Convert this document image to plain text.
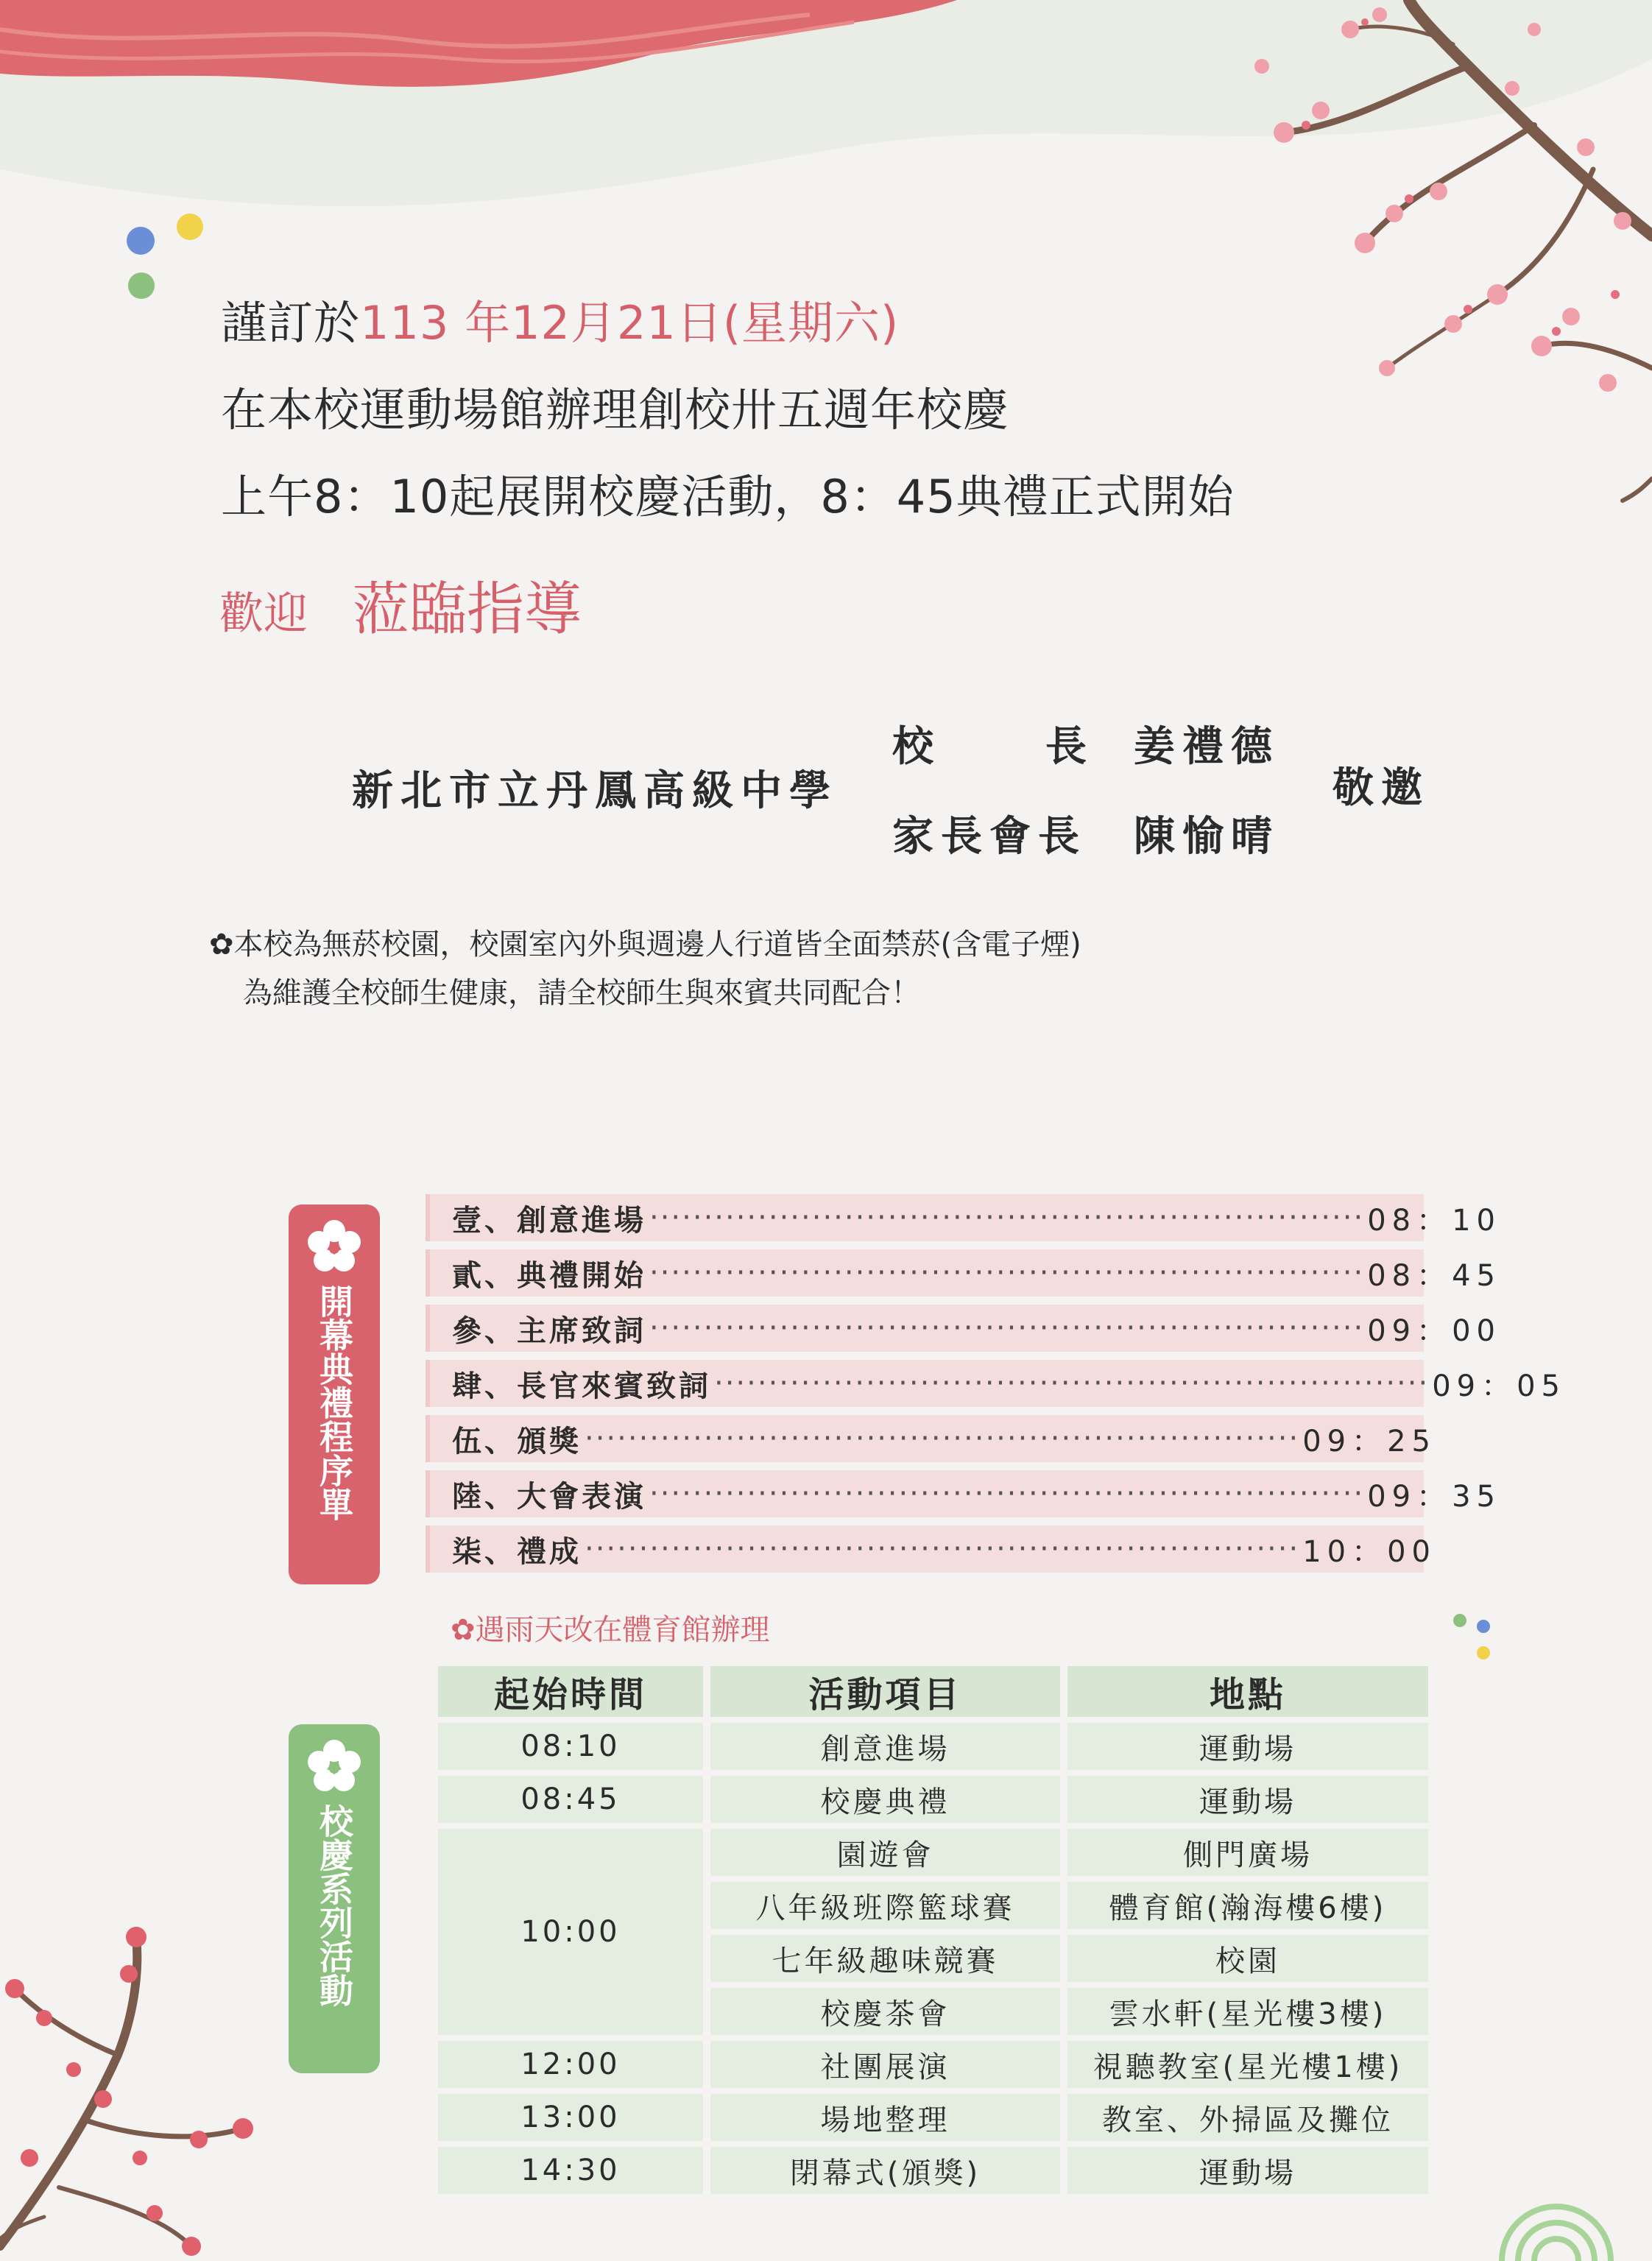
謹訂於113 年12月21日(星期六)
在本校運動場館辦理創校卅五週年校慶
上午8：10起展開校慶活動，8：45典禮正式開始
歡迎 蒞臨指導
新北市立丹鳳高級中學
校	長 姜禮德
家長會長 陳愉晴
敬邀
✿本校為無菸校園，校園室內外與週邊人行道皆全面禁菸(含電子煙)
為維護全校師生健康，請全校師生與來賓共同配合！
開幕典禮程序單
壹、創意進場 ·································································· 08：10
貳、典禮開始 ·································································· 08：45
參、主席致詞 ·································································· 09：00
肆、長官來賓致詞 ·································································· 09：05
伍、頒獎 ·································································· 09：25
陸、大會表演 ·································································· 09：35
柒、禮成 ·································································· 10：00
✿遇雨天改在體育館辦理
校慶系列活動
起始時間	活動項目	地點
08:10	創意進場	運動場
08:45	校慶典禮	運動場
10:00	園遊會	側門廣場
	八年級班際籃球賽	體育館(瀚海樓6樓)
	七年級趣味競賽	校園
	校慶茶會	雲水軒(星光樓3樓)
12:00	社團展演	視聽教室(星光樓1樓)
13:00	場地整理	教室、外掃區及攤位
14:30	閉幕式(頒獎)	運動場
